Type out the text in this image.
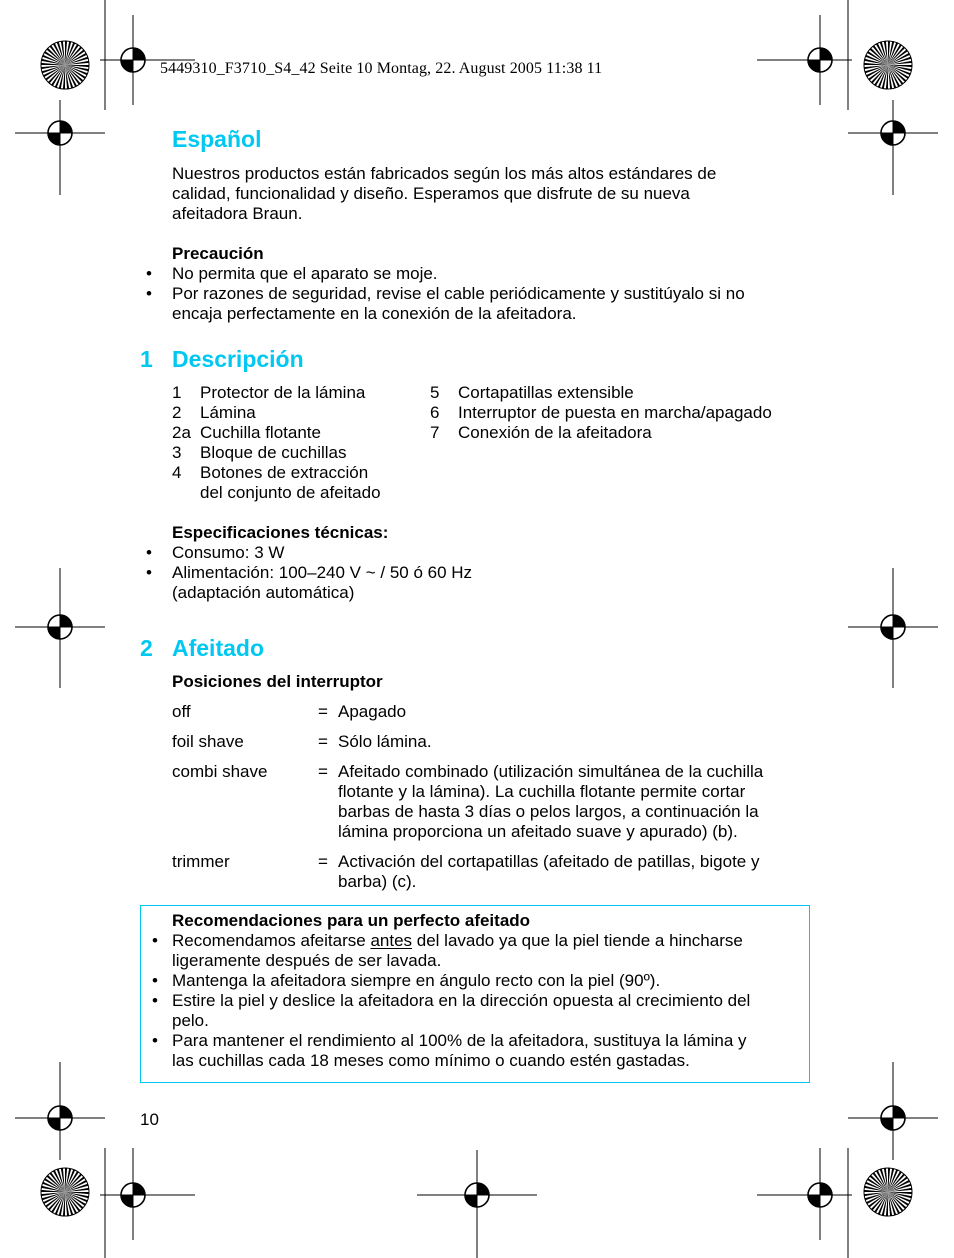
5449310_F3710_S4_42 Seite 10 Montag, 22. August 2005 11:38 11
Español
Nuestros productos están fabricados según los más altos estándares de
calidad, funcionalidad y diseño. Esperamos que disfrute de su nueva
afeitadora Braun.
Precaución
• No permita que el aparato se moje.
• Por razones de seguridad, revise el cable periódicamente y sustitúyalo si no
encaja perfectamente en la conexión de la afeitadora.
1 Descripción
1 Protector de la lámina
2 Lámina
2a Cuchilla flotante
3 Bloque de cuchillas
4 Botones de extracción
del conjunto de afeitado
5 Cortapatillas extensible
6 Interruptor de puesta en marcha/apagado
7 Conexión de la afeitadora
Especificaciones técnicas:
• Consumo: 3 W
• Alimentación: 100–240 V ~ / 50 ó 60 Hz
(adaptación automática)
2 Afeitado
Posiciones del interruptor
off	= Apagado
foil shave	= Sólo lámina.
combi shave	= Afeitado combinado (utilización simultánea de la cuchilla
flotante y la lámina). La cuchilla flotante permite cortar
barbas de hasta 3 días o pelos largos, a continuación la
lámina proporciona un afeitado suave y apurado) (b).
trimmer	= Activación del cortapatillas (afeitado de patillas, bigote y
barba) (c).
Recomendaciones para un perfecto afeitado
• Recomendamos afeitarse antes del lavado ya que la piel tiende a hincharse
ligeramente después de ser lavada.
• Mantenga la afeitadora siempre en ángulo recto con la piel (90º).
• Estire la piel y deslice la afeitadora en la dirección opuesta al crecimiento del
pelo.
• Para mantener el rendimiento al 100% de la afeitadora, sustituya la lámina y
las cuchillas cada 18 meses como mínimo o cuando estén gastadas.
10
